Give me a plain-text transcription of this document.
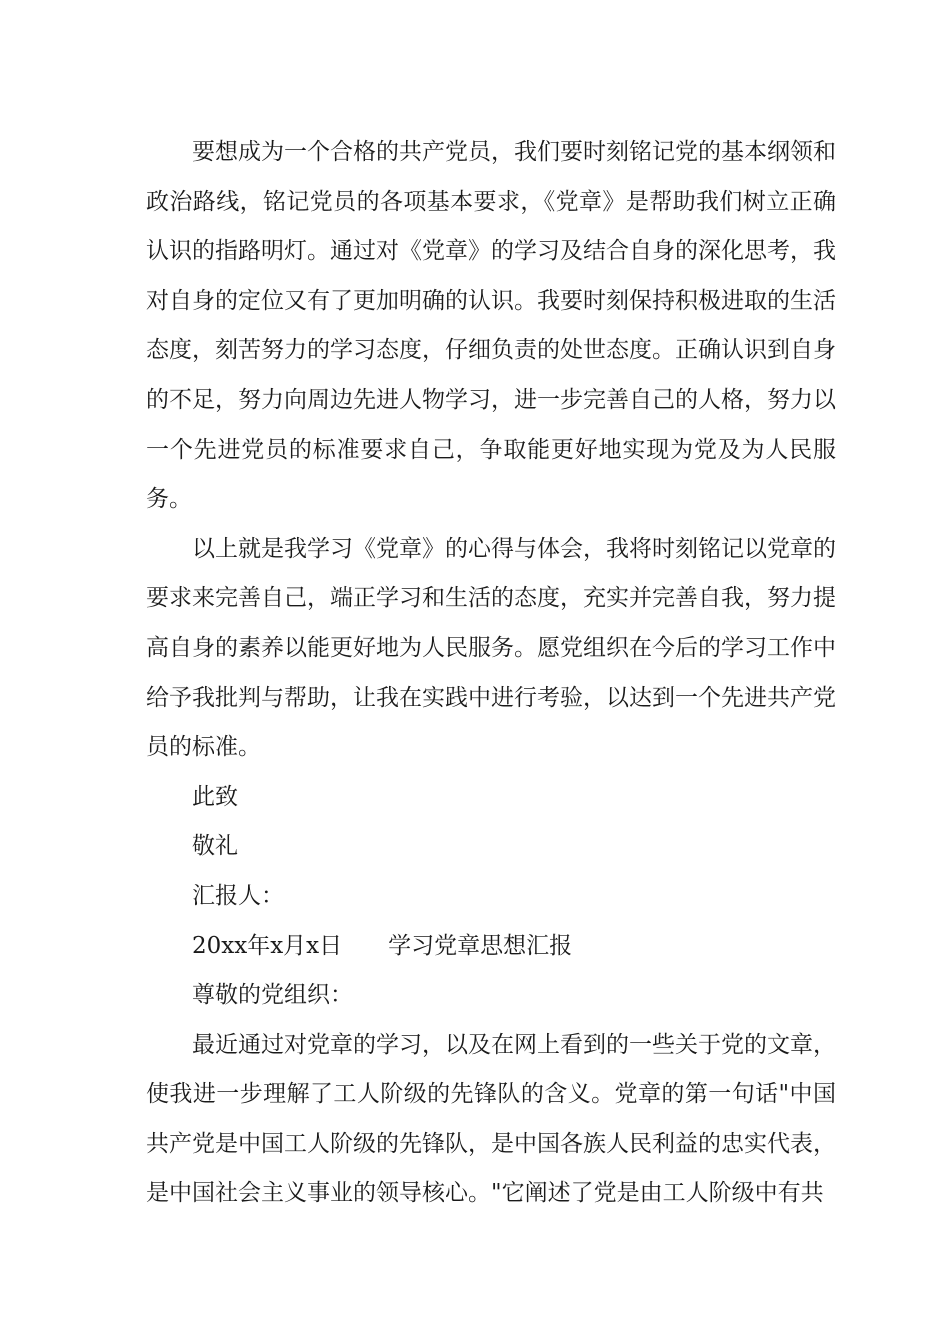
要想成为一个合格的共产党员，我们要时刻铭记党的基本纲领和政治路线，铭记党员的各项基本要求，《党章》是帮助我们树立正确认识的指路明灯。通过对《党章》的学习及结合自身的深化思考，我对自身的定位又有了更加明确的认识。我要时刻保持积极进取的生活态度，刻苦努力的学习态度，仔细负责的处世态度。正确认识到自身的不足，努力向周边先进人物学习，进一步完善自己的人格，努力以一个先进党员的标准要求自己，争取能更好地实现为党及为人民服务。

以上就是我学习《党章》的心得与体会，我将时刻铭记以党章的要求来完善自己，端正学习和生活的态度，充实并完善自我，努力提高自身的素养以能更好地为人民服务。愿党组织在今后的学习工作中给予我批判与帮助，让我在实践中进行考验，以达到一个先进共产党员的标准。

此致

敬礼

汇报人：

20xx年x月x日 学习党章思想汇报

尊敬的党组织：

最近通过对党章的学习，以及在网上看到的一些关于党的文章，使我进一步理解了工人阶级的先锋队的含义。党章的第一句话"中国共产党是中国工人阶级的先锋队，是中国各族人民利益的忠实代表，是中国社会主义事业的领导核心。"它阐述了党是由工人阶级中有共
